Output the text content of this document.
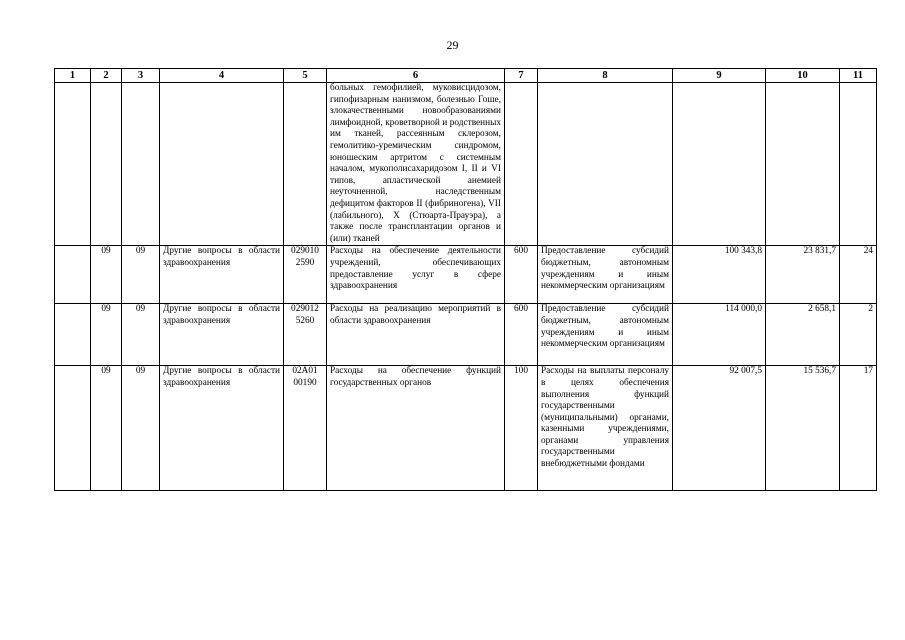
29
1	2	3	4	5	6	7	8	9	10	11
					больных гемофилией, муковисцидозом, гипофизарным нанизмом, болезнью Гоше, злокачественными новообразованиями лимфоидной, кроветворной и родственных им тканей, рассеянным склерозом, гемолитико-уремическим синдромом, юношеским артритом с системным началом, мукополисахаридозом I, II и VI типов, апластической анемией неуточненной, наследственным дефицитом факторов II (фибриногена), VII (лабильного), X (Стюарта-Прауэра), а также после трансплантации органов и (или) тканей					
	09	09	Другие вопросы в области здравоохранения	029010 2590	Расходы на обеспечение деятельности учреждений, обеспечивающих предоставление услуг в сфере здравоохранения	600	Предоставление субсидий бюджетным, автономным учреждениям и иным некоммерческим организациям	100 343,8	23 831,7	24
	09	09	Другие вопросы в области здравоохранения	029012 5260	Расходы на реализацию мероприятий в области здравоохранения	600	Предоставление субсидий бюджетным, автономным учреждениям и иным некоммерческим организациям	114 000,0	2 658,1	2
	09	09	Другие вопросы в области здравоохранения	02А01 00190	Расходы на обеспечение функций государственных органов	100	Расходы на выплаты персоналу в целях обеспечения выполнения функций государственными (муниципальными) органами, казенными учреждениями, органами управления государственными внебюджетными фондами	92 007,5	15 536,7	17
